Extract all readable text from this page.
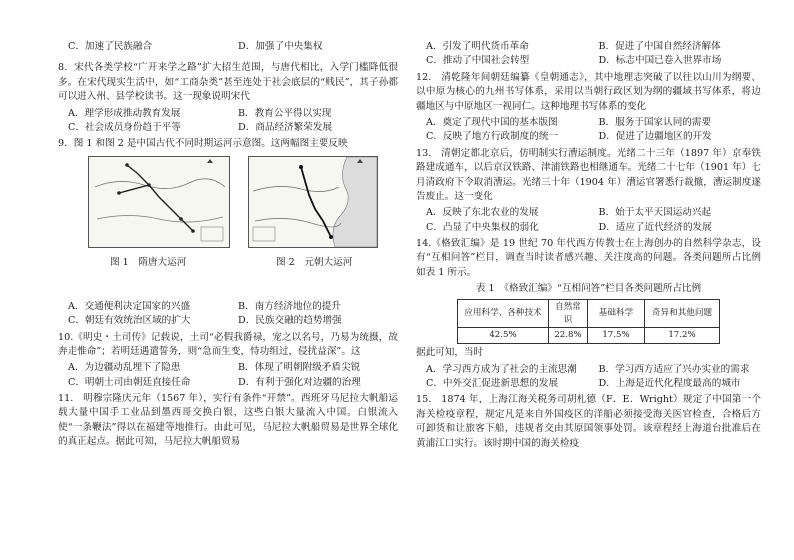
C．加速了民族融合	D．加强了中央集权

8．宋代各类学校“广开来学之路”扩大招生范围，与唐代相比，入学门槛降低很多。在宋代现实生活中，如“工商杂类”甚至连处于社会底层的“贱民”，其子孙都可以进入州、县学校读书。这一现象说明宋代

A．理学形成推动教育发展	B．教育公平得以实现
C．社会成员身份趋于平等	D．商品经济繁荣发展

9．图 1 和图 2 是中国古代不同时期运河示意图。这两幅图主要反映

图 1　隋唐大运河	图 2　元朝大运河
A．交通便利决定国家的兴盛	B．南方经济地位的提升
C．朝廷有效统治区域的扩大	D．民族交融的趋势增强

10.《明史・土司传》记载说，土司“必假我爵禄，宠之以名号，乃易为统摄，故奔走惟命”；若明廷遇遣誓务，则“急而生变，恃功组过，侵扰益深”。这

A．为边疆动乱埋下了隐患	B．体现了明朝附级矛盾尖锐
C．明朝土司由朝廷直接任命	D．有利于强化对边疆的治理

11.　明穆宗隆庆元年（1567 年），实行有条件“开禁”。西班牙马尼拉大帆船运载大量中国手工业品到墨西哥交换白银，这些白银大量流入中国。白银流入使“一条鞭法”得以在福建等地推行。由此可见，马尼拉大帆船贸易是世界全球化的真正起点。据此可知，马尼拉大帆船贸易

A．引发了明代货币革命	B．促进了中国自然经济解体
C．推动了中国社会转型	D．标志中国已卷入世界市场

12.　清乾隆年间朝廷编纂《皇朝通志》，其中地理志突破了以往以山川为纲要、以中原为核心的九州书写体系，采用以当朝行政区划为纲的疆域书写体系，将边疆地区与中原地区一视同仁。这种地理书写体系的变化

A．奠定了现代中国的基本版图	B．服务于国家认同的需要
C．反映了地方行政制度的统一	D．促进了边疆地区的开发

13.　清朝定都北京后，仿明制实行漕运制度。光绪二十三年（1897 年）京奉铁路建成通车，以后京汉铁路、津浦铁路也相继通车。光绪二十七年（1901 年）七月清政府下令取消漕运。光绪三十年（1904 年）漕运官署悉行裁撤，漕运制度遂告废止。这一变化

A．反映了东北农业的发展	B．始于太平天国运动兴起
C．凸显了中央集权的弱化	D．适应了近代经济的发展

14.《格致汇编》是 19 世纪 70 年代西方传教士在上海创办的自然科学杂志，设有“互相问答”栏目，调查当时读者感兴趣、关注度高的问题。各类问题所占比例如表 1 所示。

表 1　《格致汇编》“互相问答”栏目各类问题所占比例
应用科学、各种技术	自然常识	基础科学	奇异和其他问题
42.5%	22.8%	17.5%	17.2%

据此可知，当时

A．学习西方成为了社会的主流思潮	B．学习西方适应了兴办实业的需求
C．中外交汇促进新思想的发展	D．上海是近代化程度最高的城市

15.　1874 年，上海江海关税务司胡札德（F．E．Wright）规定了中国第一个海关检疫章程，规定凡是来自外国疫区的洋船必须接受海关医官检查，合格后方可卸货和让旅客下船，违规者交由其原国领事处罚。该章程经上海道台批准后在黄浦江口实行。该时期中国的海关检疫
